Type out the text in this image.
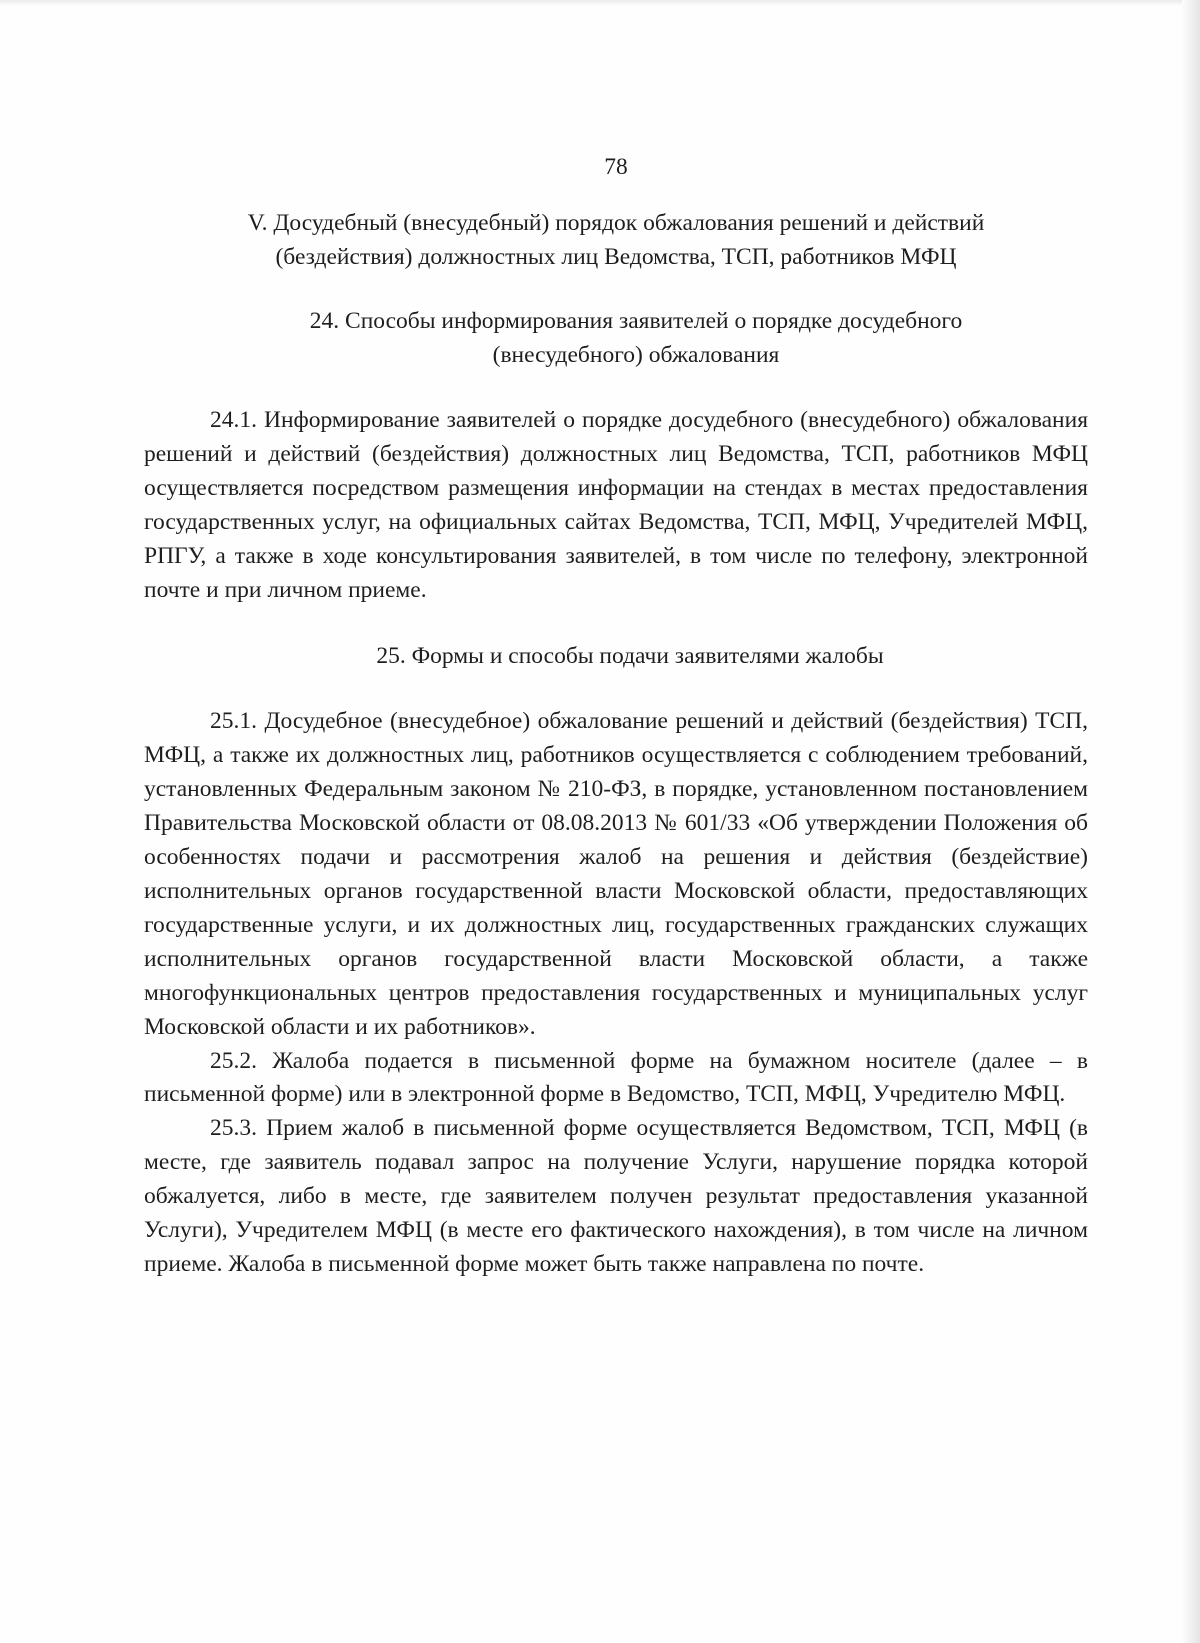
78

V. Досудебный (внесудебный) порядок обжалования решений и действий
(бездействия) должностных лиц Ведомства, ТСП, работников МФЦ
24. Способы информирования заявителей о порядке досудебного
(внесудебного) обжалования

24.1. Информирование заявителей о порядке досудебного (внесудебного) обжалования решений и действий (бездействия) должностных лиц Ведомства, ТСП, работников МФЦ осуществляется посредством размещения информации на стендах в местах предоставления государственных услуг, на официальных сайтах Ведомства, ТСП, МФЦ, Учредителей МФЦ, РПГУ, а также в ходе консультирования заявителей, в том числе по телефону, электронной почте и при личном приеме.

25. Формы и способы подачи заявителями жалобы

25.1. Досудебное (внесудебное) обжалование решений и действий (бездействия) ТСП, МФЦ, а также их должностных лиц, работников осуществляется с соблюдением требований, установленных Федеральным законом № 210-ФЗ, в порядке, установленном постановлением Правительства Московской области от 08.08.2013 № 601/33 «Об утверждении Положения об особенностях подачи и рассмотрения жалоб на решения и действия (бездействие) исполнительных органов государственной власти Московской области, предоставляющих государственные услуги, и их должностных лиц, государственных гражданских служащих исполнительных органов государственной власти Московской области, а также многофункциональных центров предоставления государственных и муниципальных услуг Московской области и их работников».

25.2. Жалоба подается в письменной форме на бумажном носителе (далее – в письменной форме) или в электронной форме в Ведомство, ТСП, МФЦ, Учредителю МФЦ.

25.3. Прием жалоб в письменной форме осуществляется Ведомством, ТСП, МФЦ (в месте, где заявитель подавал запрос на получение Услуги, нарушение порядка которой обжалуется, либо в месте, где заявителем получен результат предоставления указанной Услуги), Учредителем МФЦ (в месте его фактического нахождения), в том числе на личном приеме. Жалоба в письменной форме может быть также направлена по почте.
